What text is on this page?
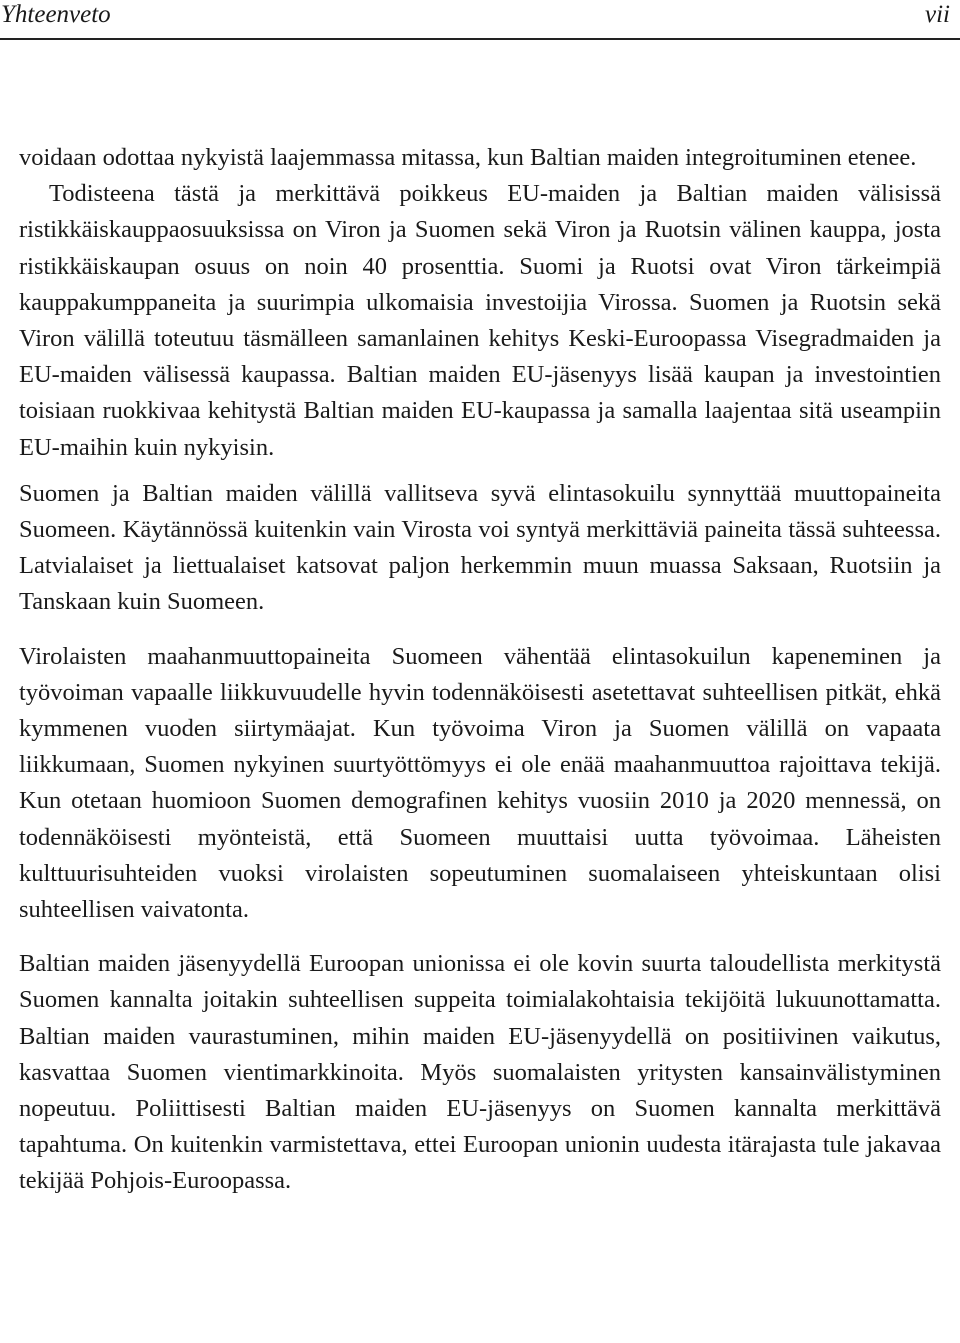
Yhteenveto	vii

voidaan odottaa nykyistä laajemmassa mitassa, kun Baltian maiden integroituminen etenee.

Todisteena tästä ja merkittävä poikkeus EU-maiden ja Baltian maiden välisissä ristikkäiskauppaosuuksissa on Viron ja Suomen sekä Viron ja Ruotsin välinen kauppa, josta ristikkäiskaupan osuus on noin 40 prosenttia. Suomi ja Ruotsi ovat Viron tärkeimpiä kauppakumppaneita ja suurimpia ulkomaisia investoijia Virossa. Suomen ja Ruotsin sekä Viron välillä toteutuu täsmälleen samanlainen kehitys Keski-Euroopassa Visegradmaiden ja EU-maiden välisessä kaupassa. Baltian maiden EU-jäsenyys lisää kaupan ja investointien toisiaan ruokkivaa kehitystä Baltian maiden EU-kaupassa ja samalla laajentaa sitä useampiin EU-maihin kuin nykyisin.

Suomen ja Baltian maiden välillä vallitseva syvä elintasokuilu synnyttää muuttopaineita Suomeen. Käytännössä kuitenkin vain Virosta voi syntyä merkittäviä paineita tässä suhteessa. Latvialaiset ja liettualaiset katsovat paljon herkemmin muun muassa Saksaan, Ruotsiin ja Tanskaan kuin Suomeen.

Virolaisten maahanmuuttopaineita Suomeen vähentää elintasokuilun kapeneminen ja työvoiman vapaalle liikkuvuudelle hyvin todennäköisesti asetettavat suhteellisen pitkät, ehkä kymmenen vuoden siirtymäajat. Kun työvoima Viron ja Suomen välillä on vapaata liikkumaan, Suomen nykyinen suurtyöttömyys ei ole enää maahanmuuttoa rajoittava tekijä. Kun otetaan huomioon Suomen demografinen kehitys vuosiin 2010 ja 2020 mennessä, on todennäköisesti myönteistä, että Suomeen muuttaisi uutta työvoimaa. Läheisten kulttuurisuhteiden vuoksi virolaisten sopeutuminen suomalaiseen yhteiskuntaan olisi suhteellisen vaivatonta.

Baltian maiden jäsenyydellä Euroopan unionissa ei ole kovin suurta taloudellista merkitystä Suomen kannalta joitakin suhteellisen suppeita toimialakohtaisia tekijöitä lukuunottamatta. Baltian maiden vaurastuminen, mihin maiden EU-jäsenyydellä on positiivinen vaikutus, kasvattaa Suomen vientimarkkinoita. Myös suomalaisten yritysten kansainvälistyminen nopeutuu. Poliittisesti Baltian maiden EU-jäsenyys on Suomen kannalta merkittävä tapahtuma. On kuitenkin varmistettava, ettei Euroopan unionin uudesta itärajasta tule jakavaa tekijää Pohjois-Euroopassa.
